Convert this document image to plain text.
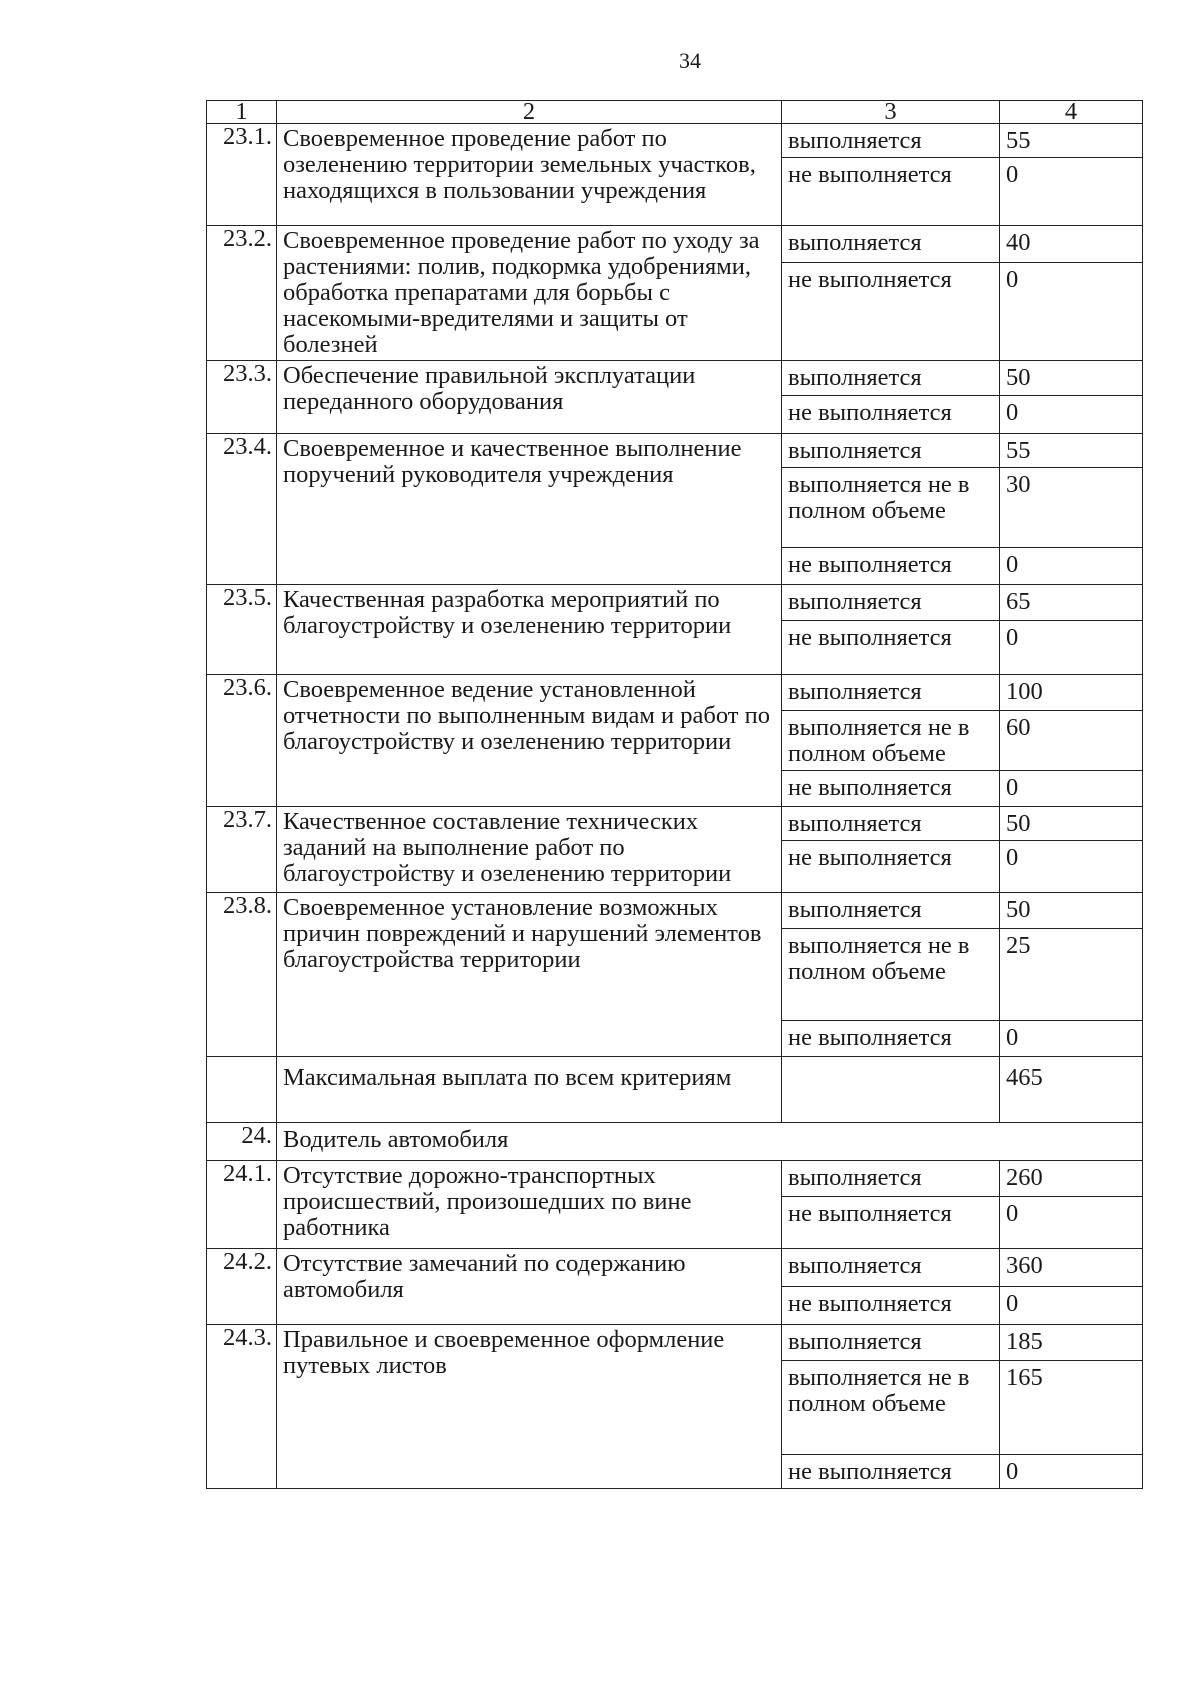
34
1	2	3	4
23.1.	Своевременное проведение работ по озеленению территории земельных участков, находящихся в пользовании учреждения	выполняется	55
		не выполняется	0
23.2.	Своевременное проведение работ по уходу за растениями: полив, подкормка удобрениями, обработка препаратами для борьбы с насекомыми-вредителями и защиты от болезней	выполняется	40
		не выполняется	0
23.3.	Обеспечение правильной эксплуатации переданного оборудования	выполняется	50
		не выполняется	0
23.4.	Своевременное и качественное выполнение поручений руководителя учреждения	выполняется	55
		выполняется не в полном объеме	30
		не выполняется	0
23.5.	Качественная разработка мероприятий по благоустройству и озеленению территории	выполняется	65
		не выполняется	0
23.6.	Своевременное ведение установленной отчетности по выполненным видам и работ по благоустройству и озеленению территории	выполняется	100
		выполняется не в полном объеме	60
		не выполняется	0
23.7.	Качественное составление технических заданий на выполнение работ по благоустройству и озеленению территории	выполняется	50
		не выполняется	0
23.8.	Своевременное установление возможных причин повреждений и нарушений элементов благоустройства территории	выполняется	50
		выполняется не в полном объеме	25
		не выполняется	0
	Максимальная выплата по всем критериям		465
24.	Водитель автомобиля		
24.1.	Отсутствие дорожно-транспортных происшествий, произошедших по вине работника	выполняется	260
		не выполняется	0
24.2.	Отсутствие замечаний по содержанию автомобиля	выполняется	360
		не выполняется	0
24.3.	Правильное и своевременное оформление путевых листов	выполняется	185
		выполняется не в полном объеме	165
		не выполняется	0
